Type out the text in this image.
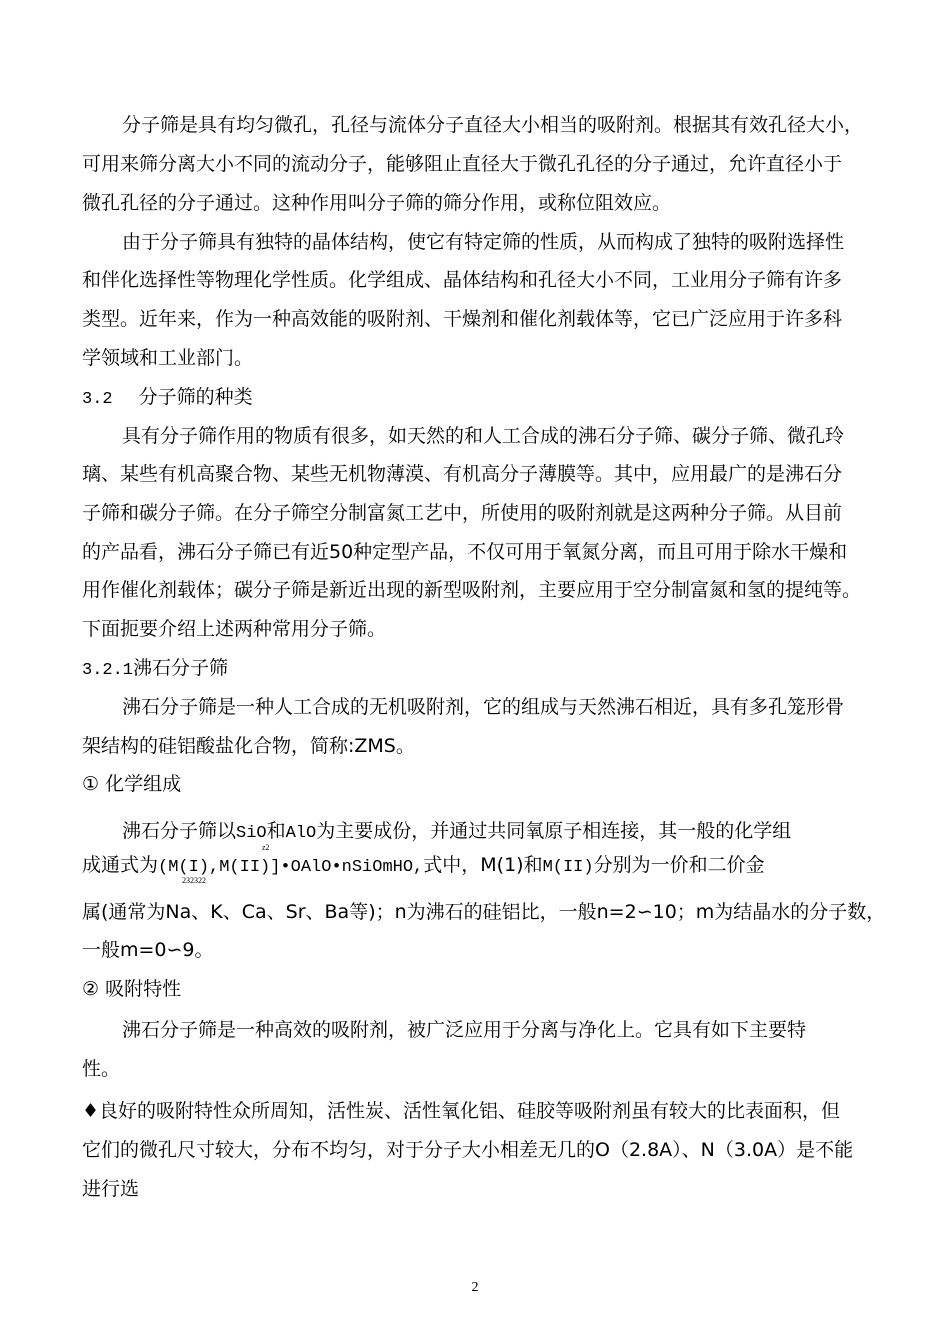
分子筛是具有均匀微孔，孔径与流体分子直径大小相当的吸附剂。根据其有效孔径大小，
可用来筛分离大小不同的流动分子，能够阻止直径大于微孔孔径的分子通过，允许直径小于
微孔孔径的分子通过。这种作用叫分子筛的筛分作用，或称位阻效应。
由于分子筛具有独特的晶体结构，使它有特定筛的性质，从而构成了独特的吸附选择性
和伴化选择性等物理化学性质。化学组成、晶体结构和孔径大小不同，工业用分子筛有许多
类型。近年来，作为一种高效能的吸附剂、干燥剂和催化剂载体等，它已广泛应用于许多科
学领域和工业部门。
3.2 分子筛的种类
具有分子筛作用的物质有很多，如天然的和人工合成的沸石分子筛、碳分子筛、微孔玲
璃、某些有机高聚合物、某些无机物薄漠、有机高分子薄膜等。其中，应用最广的是沸石分
子筛和碳分子筛。在分子筛空分制富氮工艺中，所使用的吸附剂就是这两种分子筛。从目前
的产品看，沸石分子筛已有近50种定型产品，不仅可用于氧氮分离，而且可用于除水干燥和
用作催化剂载体；碳分子筛是新近出现的新型吸附剂，主要应用于空分制富氮和氢的提纯等。
下面扼要介绍上述两种常用分子筛。
3.2.1沸石分子筛
沸石分子筛是一种人工合成的无机吸附剂，它的组成与天然沸石相近，具有多孔笼形骨
架结构的硅铝酸盐化合物，简称:ZMS。
① 化学组成
沸石分子筛以SiO和AlO为主要成份，并通过共同氧原子相连接，其一般的化学组
z2
成通式为(M(I),M(II)]•OAlO•nSiOmHO,式中，M(1)和M(II)分别为一价和二价金
232322
属(通常为Na、K、Ca、Sr、Ba等)；n为沸石的硅铝比，一般n=2∽10；m为结晶水的分子数，
一般m=0∽9。
② 吸附特性
沸石分子筛是一种高效的吸附剂，被广泛应用于分离与净化上。它具有如下主要特
性。
♦良好的吸附特性众所周知，活性炭、活性氧化铝、硅胶等吸附剂虽有较大的比表面积，但
它们的微孔尺寸较大，分布不均匀，对于分子大小相差无几的O（2.8A）、N（3.0A）是不能
进行选
2
